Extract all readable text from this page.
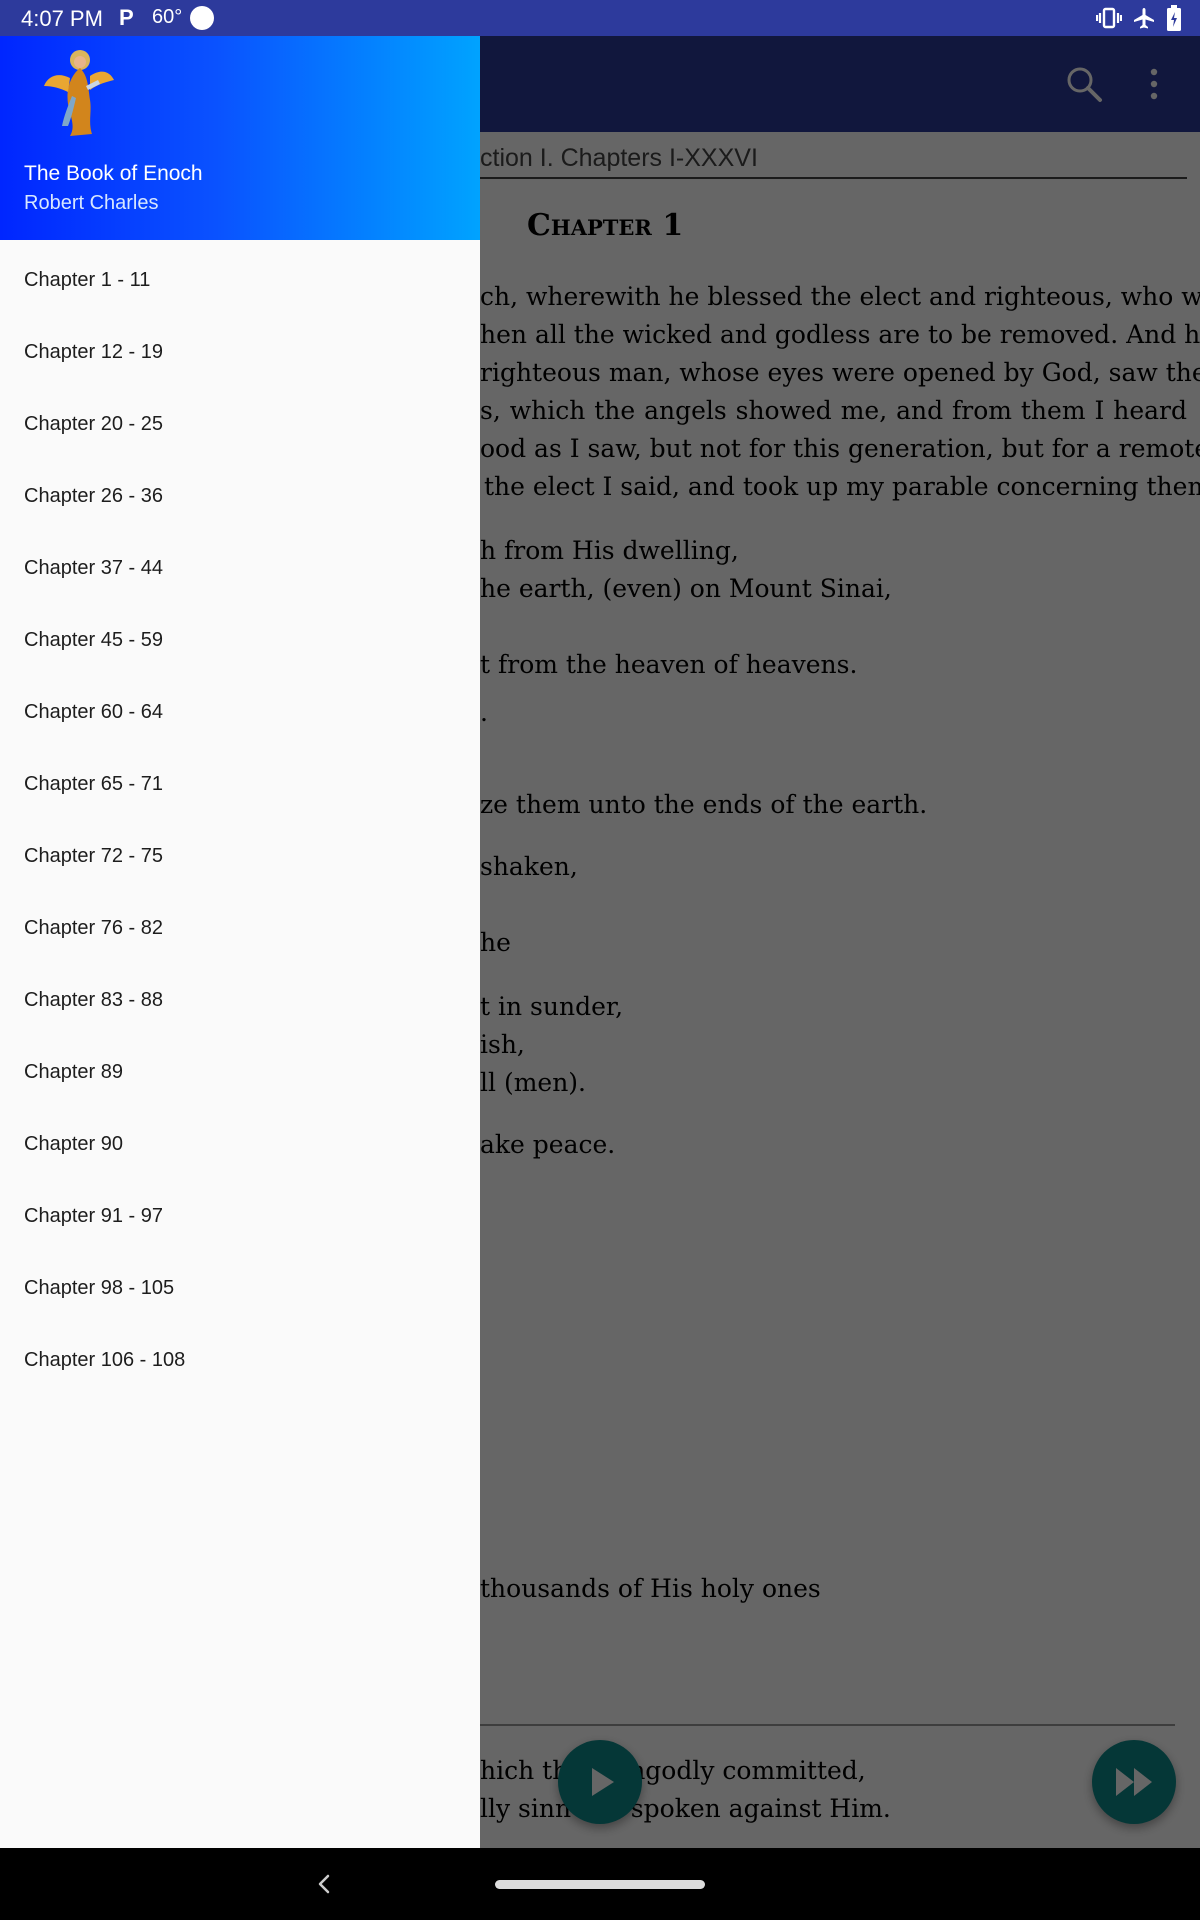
4:07 PM P 60°
The Book of Enoch
Robert Charles
Chapter 1 - 11
Chapter 12 - 19
Chapter 20 - 25
Chapter 26 - 36
Chapter 37 - 44
Chapter 45 - 59
Chapter 60 - 64
Chapter 65 - 71
Chapter 72 - 75
Chapter 76 - 82
Chapter 83 - 88
Chapter 89
Chapter 90
Chapter 91 - 97
Chapter 98 - 105
Chapter 106 - 108
